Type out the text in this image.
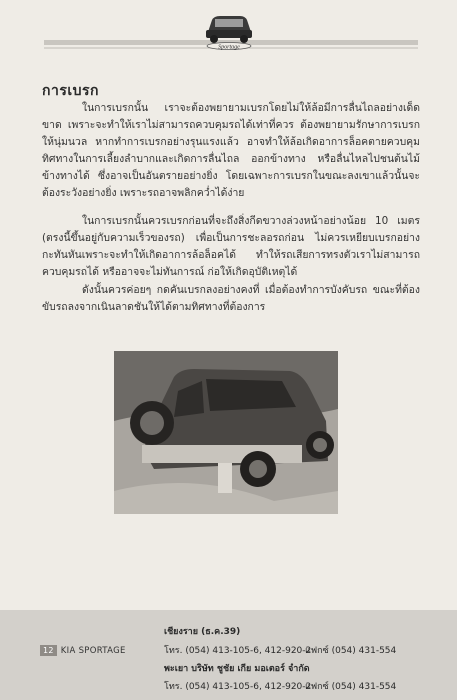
Sportage
การเบรก
ในการเบรกนั้น เราจะต้องพยายามเบรกโดยไม่ให้ล้อมีการลื่นไถลอย่างเด็ดขาด เพราะจะทำให้เราไม่สามารถควบคุมรถได้เท่าที่ควร ต้องพยายามรักษาการเบรกให้นุ่มนวล หากทำการเบรกอย่างรุนแรงแล้ว อาจทำให้ล้อเกิดอาการล็อคตายควบคุมทิศทางในการเลี้ยงลำบากและเกิดการลื่นไถล ออกข้างทาง หรือลื่นไหลไปชนต้นไม้ข้างทางได้ ซึ่งอาจเป็นอันตรายอย่างยิ่ง โดยเฉพาะการเบรกในขณะลงเขาแล้วนั้นจะต้องระวังอย่างยิ่ง เพราะรถอาจพลิกคว่ำได้ง่าย
ในการเบรกนั้นควรเบรกก่อนที่จะถึงสิ่งกีดขวางล่วงหน้าอย่างน้อย 10 เมตร (ตรงนี้ขึ้นอยู่กับความเร็วของรถ) เพื่อเป็นการชะลอรถก่อน ไม่ควรเหยียบเบรกอย่างกะทันหันเพราะจะทำให้เกิดอาการล้อล็อคได้ ทำให้รถเสียการทรงตัวเราไม่สามารถควบคุมรถได้ หรืออาจจะไม่ทันการณ์ ก่อให้เกิดอุบัติเหตุได้
ดังนั้นควรค่อยๆ กดคันเบรกลงอย่างคงที่ เมื่อต้องทำการบังคับรถ ขณะที่ต้องขับรถลงจากเนินลาดชันให้ได้ตามทิศทางที่ต้องการ
12 KIA SPORTAGE
เชียงราย (ธ.ค.39)
โทร. (054) 413-105-6, 412-920-2
แฟกซ์ (054) 431-554
พะเยา บริษัท ชูชัย เกีย มอเตอร์ จำกัด
โทร. (054) 413-105-6, 412-920-2
แฟกซ์ (054) 431-554
